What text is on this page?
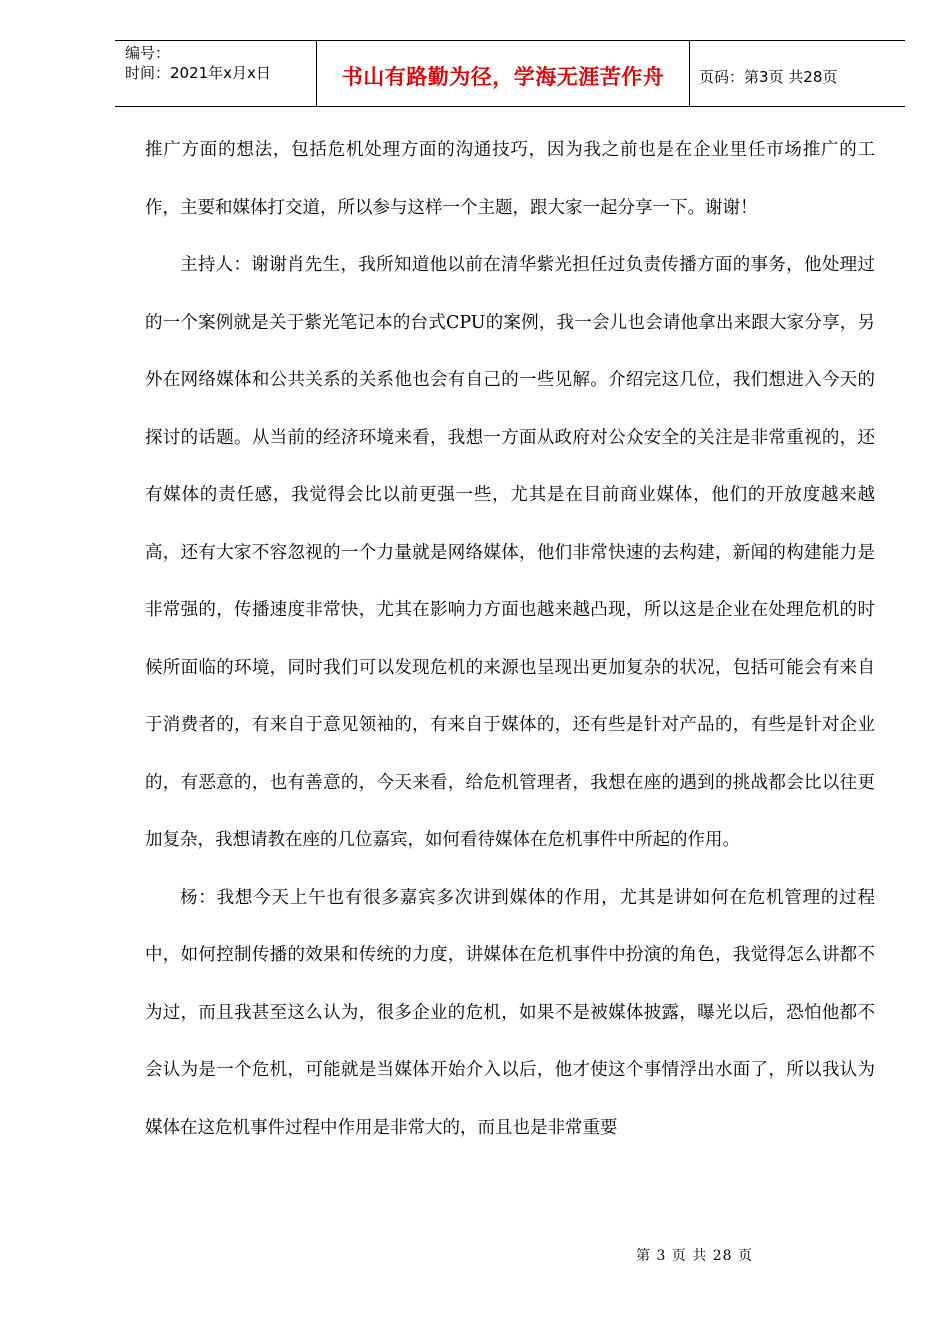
编号：
时间：2021年x月x日	书山有路勤为径，学海无涯苦作舟	页码：第3页 共28页

推广方面的想法，包括危机处理方面的沟通技巧，因为我之前也是在企业里任市场推广的工作，主要和媒体打交道，所以参与这样一个主题，跟大家一起分享一下。谢谢！

主持人：谢谢肖先生，我所知道他以前在清华紫光担任过负责传播方面的事务，他处理过的一个案例就是关于紫光笔记本的台式CPU的案例，我一会儿也会请他拿出来跟大家分享，另外在网络媒体和公共关系的关系他也会有自己的一些见解。介绍完这几位，我们想进入今天的探讨的话题。从当前的经济环境来看，我想一方面从政府对公众安全的关注是非常重视的，还有媒体的责任感，我觉得会比以前更强一些，尤其是在目前商业媒体，他们的开放度越来越高，还有大家不容忽视的一个力量就是网络媒体，他们非常快速的去构建，新闻的构建能力是非常强的，传播速度非常快，尤其在影响力方面也越来越凸现，所以这是企业在处理危机的时候所面临的环境，同时我们可以发现危机的来源也呈现出更加复杂的状况，包括可能会有来自于消费者的，有来自于意见领袖的，有来自于媒体的，还有些是针对产品的，有些是针对企业的，有恶意的，也有善意的，今天来看，给危机管理者，我想在座的遇到的挑战都会比以往更加复杂，我想请教在座的几位嘉宾，如何看待媒体在危机事件中所起的作用。

杨：我想今天上午也有很多嘉宾多次讲到媒体的作用，尤其是讲如何在危机管理的过程中，如何控制传播的效果和传统的力度，讲媒体在危机事件中扮演的角色，我觉得怎么讲都不为过，而且我甚至这么认为，很多企业的危机，如果不是被媒体披露，曝光以后，恐怕他都不会认为是一个危机，可能就是当媒体开始介入以后，他才使这个事情浮出水面了，所以我认为媒体在这危机事件过程中作用是非常大的，而且也是非常重要

第 3 页 共 28 页
